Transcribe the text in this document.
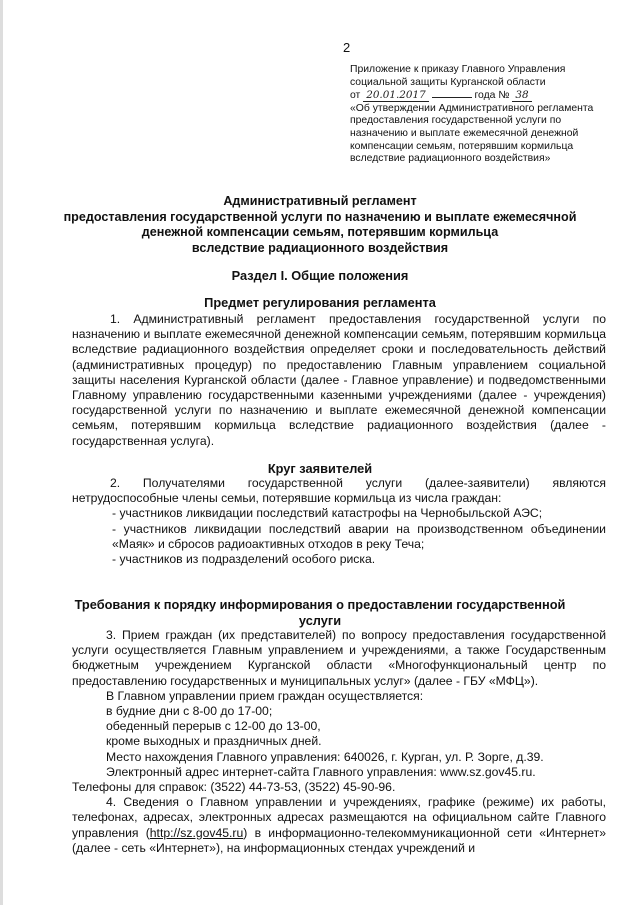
2
Приложение к приказу Главного Управления
социальной защиты Курганской области
от 20.01.2017	года № 38
«Об утверждении Административного регламента предоставления государственной услуги по назначению и выплате ежемесячной денежной компенсации семьям, потерявшим кормильца вследствие радиационного воздействия»
Административный регламент
предоставления государственной услуги по назначению и выплате ежемесячной
денежной компенсации семьям, потерявшим кормильца
вследствие радиационного воздействия
Раздел I. Общие положения
Предмет регулирования регламента

1. Административный регламент предоставления государственной услуги по назначению и выплате ежемесячной денежной компенсации семьям, потерявшим кормильца вследствие радиационного воздействия определяет сроки и последовательность действий (административных процедур) по предоставлению Главным управлением социальной защиты населения Курганской области (далее - Главное управление) и подведомственными Главному управлению государственными казенными учреждениями (далее - учреждения) государственной услуги по назначению и выплате ежемесячной денежной компенсации семьям, потерявшим кормильца вследствие радиационного воздействия (далее - государственная услуга).

Круг заявителей

2. Получателями государственной услуги (далее-заявители) являются нетрудоспособные члены семьи, потерявшие кормильца из числа граждан:

- участников ликвидации последствий катастрофы на Чернобыльской АЭС;

- участников ликвидации последствий аварии на производственном объединении «Маяк» и сбросов радиоактивных отходов в реку Теча;

- участников из подразделений особого риска.

Требования к порядку информирования о предоставлении государственной услуги

3. Прием граждан (их представителей) по вопросу предоставления государственной услуги осуществляется Главным управлением и учреждениями, а также Государственным бюджетным учреждением Курганской области «Многофункциональный центр по предоставлению государственных и муниципальных услуг» (далее - ГБУ «МФЦ»).

В Главном управлении прием граждан осуществляется:

в будние дни с 8-00 до 17-00;

обеденный перерыв с 12-00 до 13-00,

кроме выходных и праздничных дней.

Место нахождения Главного управления: 640026, г. Курган, ул. Р. Зорге, д.39.

Электронный адрес интернет-сайта Главного управления: www.sz.gov45.ru.

Телефоны для справок: (3522) 44-73-53, (3522) 45-90-96.

4. Сведения о Главном управлении и учреждениях, графике (режиме) их работы, телефонах, адресах, электронных адресах размещаются на официальном сайте Главного управления (http://sz.gov45.ru) в информационно-телекоммуникационной сети «Интернет» (далее - сеть «Интернет»), на информационных стендах учреждений и
